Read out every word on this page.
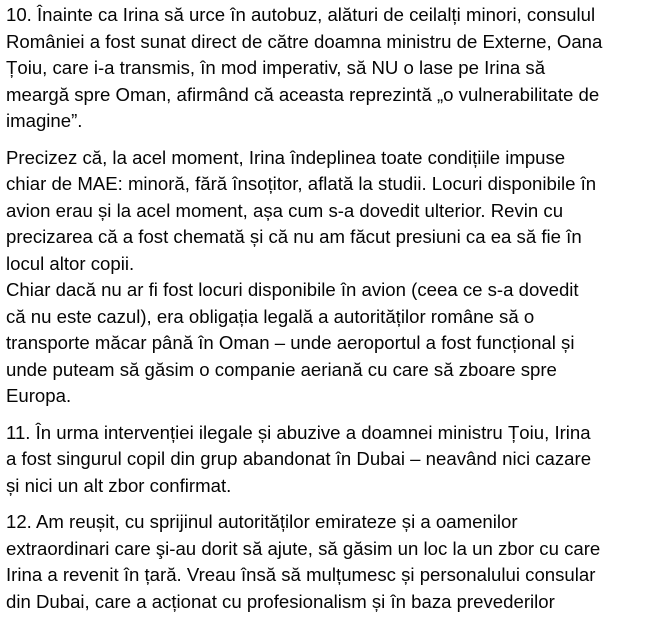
10. Înainte ca Irina să urce în autobuz, alături de ceilalți minori, consulul
României a fost sunat direct de către doamna ministru de Externe, Oana
Țoiu, care i-a transmis, în mod imperativ, să NU o lase pe Irina să
meargă spre Oman, afirmând că aceasta reprezintă „o vulnerabilitate de
imagine”.

Precizez că, la acel moment, Irina îndeplinea toate condițiile impuse
chiar de MAE: minoră, fără însoțitor, aflată la studii. Locuri disponibile în
avion erau și la acel moment, așa cum s-a dovedit ulterior. Revin cu
precizarea că a fost chemată și că nu am făcut presiuni ca ea să fie în
locul altor copii.

Chiar dacă nu ar fi fost locuri disponibile în avion (ceea ce s-a dovedit
că nu este cazul), era obligația legală a autorităților române să o
transporte măcar până în Oman – unde aeroportul a fost funcțional și
unde puteam să găsim o companie aeriană cu care să zboare spre
Europa.

11. În urma intervenției ilegale și abuzive a doamnei ministru Țoiu, Irina
a fost singurul copil din grup abandonat în Dubai – neavând nici cazare
și nici un alt zbor confirmat.

12. Am reușit, cu sprijinul autorităților emirateze și a oamenilor
extraordinari care şi-au dorit să ajute, să găsim un loc la un zbor cu care
Irina a revenit în țară. Vreau însă să mulțumesc și personalului consular
din Dubai, care a acționat cu profesionalism și în baza prevederilor
